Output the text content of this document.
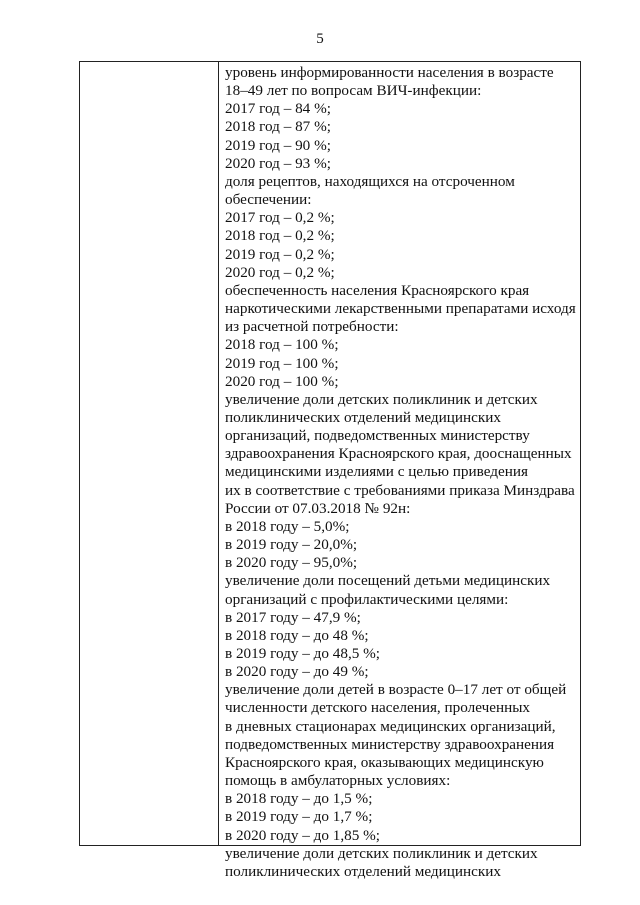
5
уровень информированности населения в возрасте
18–49 лет по вопросам ВИЧ-инфекции:
2017 год – 84 %;
2018 год – 87 %;
2019 год – 90 %;
2020 год – 93 %;
доля рецептов, находящихся на отсроченном
обеспечении:
2017 год – 0,2 %;
2018 год – 0,2 %;
2019 год – 0,2 %;
2020 год – 0,2 %;
обеспеченность населения Красноярского края
наркотическими лекарственными препаратами исходя
из расчетной потребности:
2018 год – 100 %;
2019 год – 100 %;
2020 год – 100 %;
увеличение доли детских поликлиник и детских
поликлинических отделений медицинских
организаций, подведомственных министерству
здравоохранения Красноярского края, дооснащенных
медицинскими изделиями с целью приведения
их в соответствие с требованиями приказа Минздрава
России от 07.03.2018 № 92н:
в 2018 году – 5,0%;
в 2019 году – 20,0%;
в 2020 году – 95,0%;
увеличение доли посещений детьми медицинских
организаций с профилактическими целями:
в 2017 году – 47,9 %;
в 2018 году – до 48 %;
в 2019 году – до 48,5 %;
в 2020 году – до 49 %;
увеличение доли детей в возрасте 0–17 лет от общей
численности детского населения, пролеченных
в дневных стационарах медицинских организаций,
подведомственных министерству здравоохранения
Красноярского края, оказывающих медицинскую
помощь в амбулаторных условиях:
в 2018 году – до 1,5 %;
в 2019 году – до 1,7 %;
в 2020 году – до 1,85 %;
увеличение доли детских поликлиник и детских
поликлинических отделений медицинских
